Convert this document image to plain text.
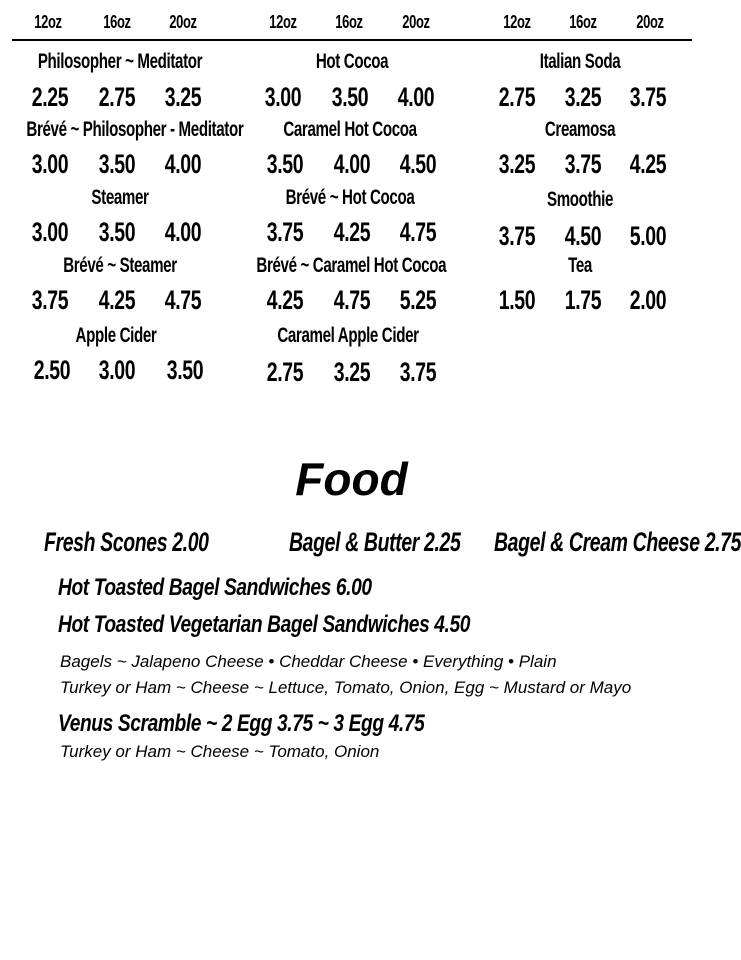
12oz	16oz	20oz	12oz	16oz	20oz	12oz	16oz	20oz
Philosopher ~ Meditator
2.25	2.75	3.25
Brévé ~ Philosopher - Meditator
3.00	3.50	4.00
Steamer
3.00	3.50	4.00
Brévé ~ Steamer
3.75	4.25	4.75
Apple Cider
2.50	3.00	3.50
Hot Cocoa
3.00	3.50	4.00
Caramel Hot Cocoa
3.50	4.00	4.50
Brévé ~ Hot Cocoa
3.75	4.25	4.75
Brévé ~ Caramel Hot Cocoa
4.25	4.75	5.25
Caramel Apple Cider
2.75	3.25	3.75
Italian Soda
2.75	3.25	3.75
Creamosa
3.25	3.75	4.25
Smoothie
3.75	4.50	5.00
Tea
1.50	1.75	2.00
Food
Fresh Scones 2.00	Bagel & Butter 2.25 Bagel & Cream Cheese 2.75
Hot Toasted Bagel Sandwiches 6.00
Hot Toasted Vegetarian Bagel Sandwiches 4.50
Bagels ~ Jalapeno Cheese • Cheddar Cheese • Everything • Plain
Turkey or Ham ~ Cheese ~ Lettuce, Tomato, Onion, Egg ~ Mustard or Mayo
Venus Scramble ~ 2 Egg 3.75 ~ 3 Egg 4.75
Turkey or Ham ~ Cheese ~ Tomato, Onion
